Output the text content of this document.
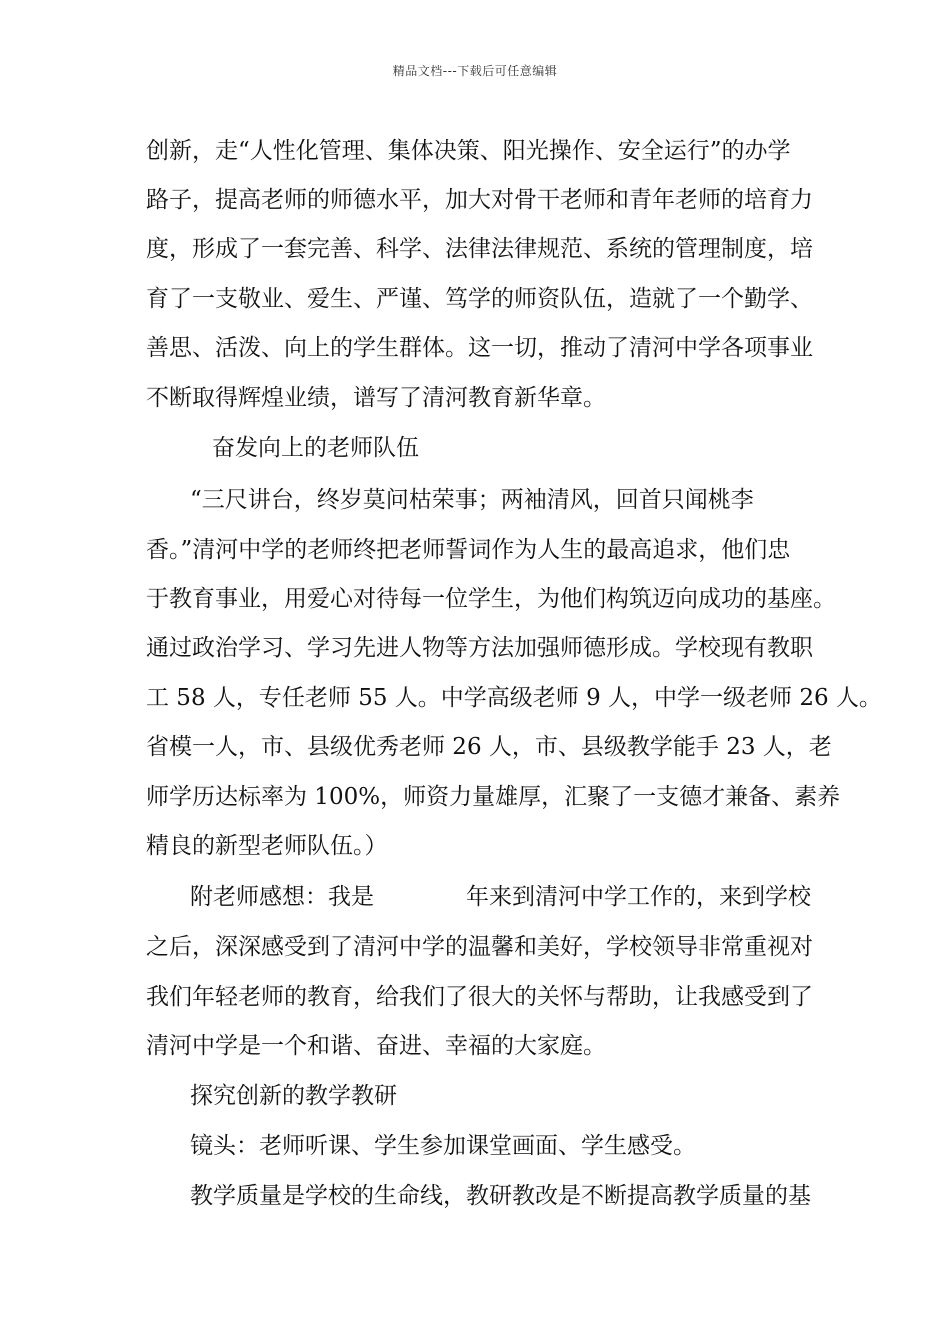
精品文档---下载后可任意编辑
创新，走“人性化管理、集体决策、阳光操作、安全运行”的办学
路子，提高老师的师德水平，加大对骨干老师和青年老师的培育力
度，形成了一套完善、科学、法律法律规范、系统的管理制度，培
育了一支敬业、爱生、严谨、笃学的师资队伍，造就了一个勤学、
善思、活泼、向上的学生群体。这一切，推动了清河中学各项事业
不断取得辉煌业绩，谱写了清河教育新华章。
奋发向上的老师队伍
“三尺讲台，终岁莫问枯荣事；两袖清风，回首只闻桃李
香。”清河中学的老师终把老师誓词作为人生的最高追求，他们忠
于教育事业，用爱心对待每一位学生，为他们构筑迈向成功的基座。
通过政治学习、学习先进人物等方法加强师德形成。学校现有教职
工 58 人，专任老师 55 人。中学高级老师 9 人，中学一级老师 26 人。
省模一人，市、县级优秀老师 26 人，市、县级教学能手 23 人，老
师学历达标率为 100%，师资力量雄厚，汇聚了一支德才兼备、素养
精良的新型老师队伍。）
附老师感想：我是	年来到清河中学工作的，来到学校
之后，深深感受到了清河中学的温馨和美好，学校领导非常重视对
我们年轻老师的教育，给我们了很大的关怀与帮助，让我感受到了
清河中学是一个和谐、奋进、幸福的大家庭。
探究创新的教学教研
镜头：老师听课、学生参加课堂画面、学生感受。
教学质量是学校的生命线，教研教改是不断提高教学质量的基
